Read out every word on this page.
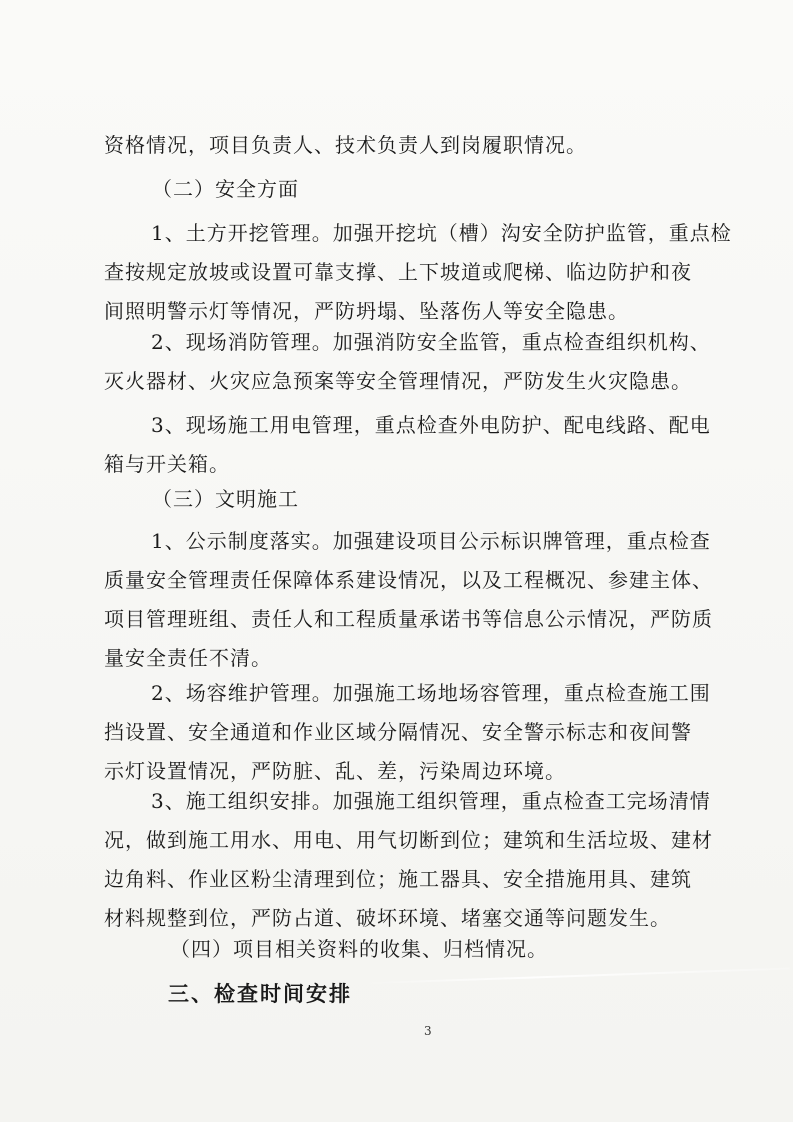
资格情况，项目负责人、技术负责人到岗履职情况。

（二）安全方面

1、土方开挖管理。加强开挖坑（槽）沟安全防护监管，重点检
查按规定放坡或设置可靠支撑、上下坡道或爬梯、临边防护和夜
间照明警示灯等情况，严防坍塌、坠落伤人等安全隐患。

2、现场消防管理。加强消防安全监管，重点检查组织机构、
灭火器材、火灾应急预案等安全管理情况，严防发生火灾隐患。

3、现场施工用电管理，重点检查外电防护、配电线路、配电
箱与开关箱。

（三）文明施工

1、公示制度落实。加强建设项目公示标识牌管理，重点检查
质量安全管理责任保障体系建设情况，以及工程概况、参建主体、
项目管理班组、责任人和工程质量承诺书等信息公示情况，严防质
量安全责任不清。

2、场容维护管理。加强施工场地场容管理，重点检查施工围
挡设置、安全通道和作业区域分隔情况、安全警示标志和夜间警
示灯设置情况，严防脏、乱、差，污染周边环境。

3、施工组织安排。加强施工组织管理，重点检查工完场清情
况，做到施工用水、用电、用气切断到位；建筑和生活垃圾、建材
边角料、作业区粉尘清理到位；施工器具、安全措施用具、建筑
材料规整到位，严防占道、破坏环境、堵塞交通等问题发生。

（四）项目相关资料的收集、归档情况。

三、检查时间安排

3
